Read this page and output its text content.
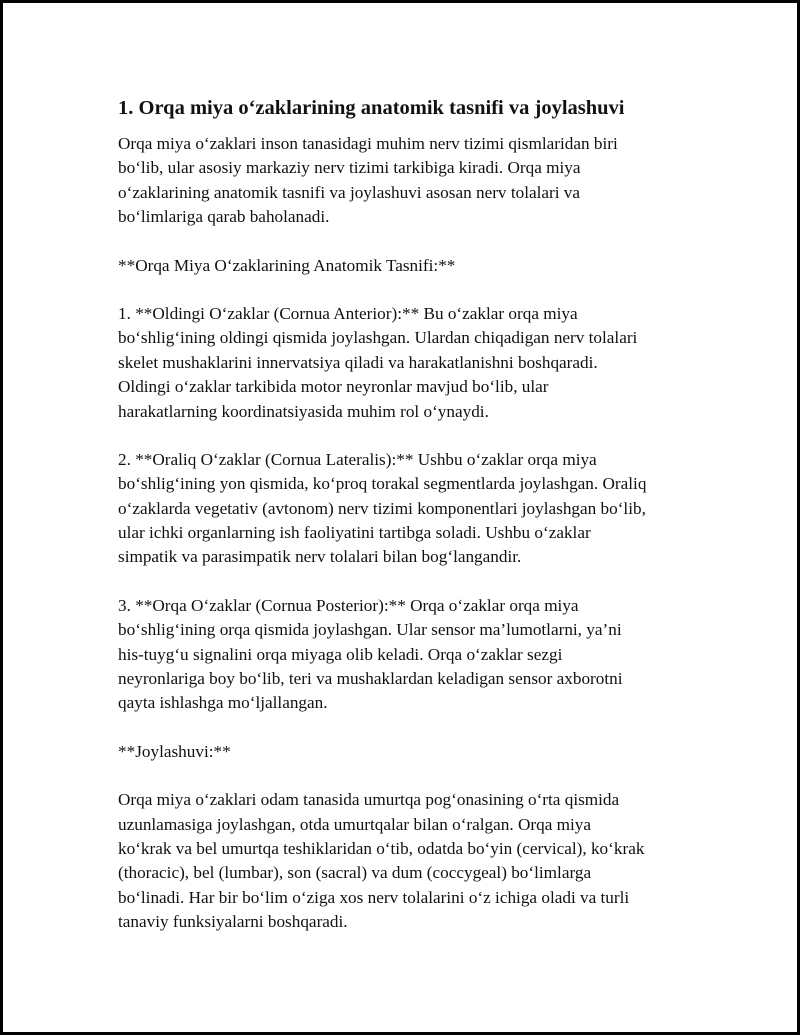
1. Orqa miya o‘zaklarining anatomik tasnifi va joylashuvi

Orqa miya o‘zaklari inson tanasidagi muhim nerv tizimi qismlaridan biri
bo‘lib, ular asosiy markaziy nerv tizimi tarkibiga kiradi. Orqa miya
o‘zaklarining anatomik tasnifi va joylashuvi asosan nerv tolalari va
bo‘limlariga qarab baholanadi.

**Orqa Miya O‘zaklarining Anatomik Tasnifi:**

1. **Oldingi O‘zaklar (Cornua Anterior):** Bu o‘zaklar orqa miya
bo‘shlig‘ining oldingi qismida joylashgan. Ulardan chiqadigan nerv tolalari
skelet mushaklarini innervatsiya qiladi va harakatlanishni boshqaradi.
Oldingi o‘zaklar tarkibida motor neyronlar mavjud bo‘lib, ular
harakatlarning koordinatsiyasida muhim rol o‘ynaydi.

2. **Oraliq O‘zaklar (Cornua Lateralis):** Ushbu o‘zaklar orqa miya
bo‘shlig‘ining yon qismida, ko‘proq torakal segmentlarda joylashgan. Oraliq
o‘zaklarda vegetativ (avtonom) nerv tizimi komponentlari joylashgan bo‘lib,
ular ichki organlarning ish faoliyatini tartibga soladi. Ushbu o‘zaklar
simpatik va parasimpatik nerv tolalari bilan bog‘langandir.

3. **Orqa O‘zaklar (Cornua Posterior):** Orqa o‘zaklar orqa miya
bo‘shlig‘ining orqa qismida joylashgan. Ular sensor ma’lumotlarni, ya’ni
his-tuyg‘u signalini orqa miyaga olib keladi. Orqa o‘zaklar sezgi
neyronlariga boy bo‘lib, teri va mushaklardan keladigan sensor axborotni
qayta ishlashga mo‘ljallangan.

**Joylashuvi:**

Orqa miya o‘zaklari odam tanasida umurtqa pog‘onasining o‘rta qismida
uzunlamasiga joylashgan, otda umurtqalar bilan o‘ralgan. Orqa miya
ko‘krak va bel umurtqa teshiklaridan o‘tib, odatda bo‘yin (cervical), ko‘krak
(thoracic), bel (lumbar), son (sacral) va dum (coccygeal) bo‘limlarga
bo‘linadi. Har bir bo‘lim o‘ziga xos nerv tolalarini o‘z ichiga oladi va turli
tanaviy funksiyalarni boshqaradi.
